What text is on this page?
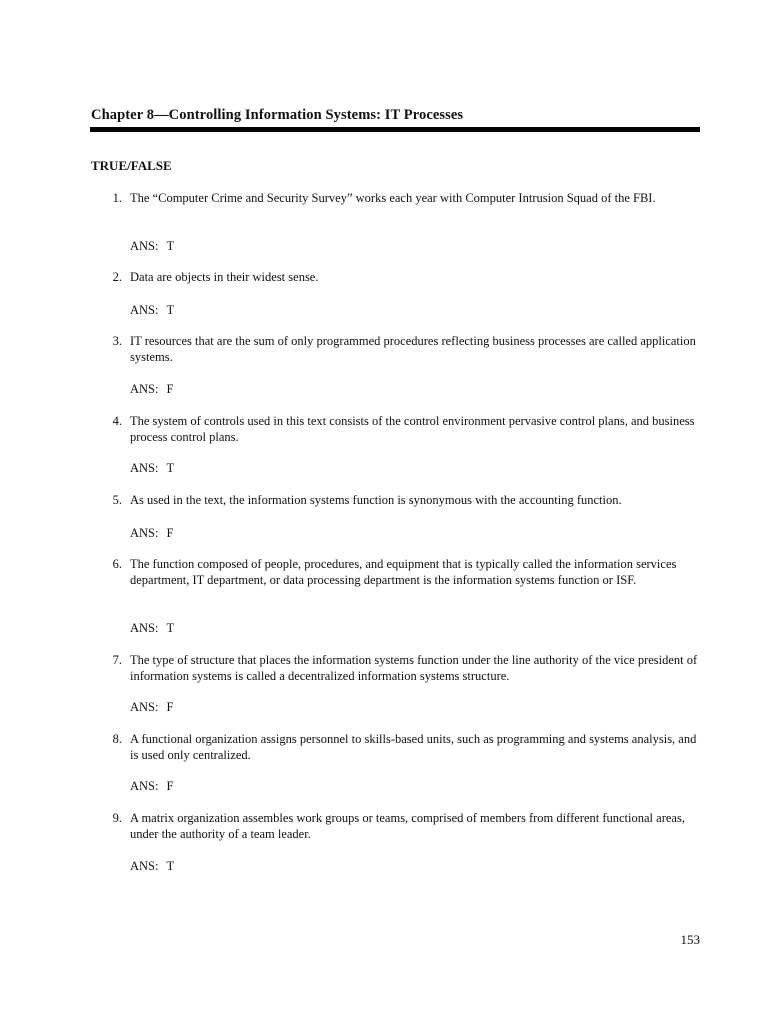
Chapter 8—Controlling Information Systems: IT Processes
TRUE/FALSE
1. The “Computer Crime and Security Survey” works each year with Computer Intrusion Squad of the FBI.
ANS: T
2. Data are objects in their widest sense.
ANS: T
3. IT resources that are the sum of only programmed procedures reflecting business processes are called application systems.
ANS: F
4. The system of controls used in this text consists of the control environment pervasive control plans, and business process control plans.
ANS: T
5. As used in the text, the information systems function is synonymous with the accounting function.
ANS: F
6. The function composed of people, procedures, and equipment that is typically called the information services department, IT department, or data processing department is the information systems function or ISF.
ANS: T
7. The type of structure that places the information systems function under the line authority of the vice president of information systems is called a decentralized information systems structure.
ANS: F
8. A functional organization assigns personnel to skills-based units, such as programming and systems analysis, and is used only centralized.
ANS: F
9. A matrix organization assembles work groups or teams, comprised of members from different functional areas, under the authority of a team leader.
ANS: T
153
